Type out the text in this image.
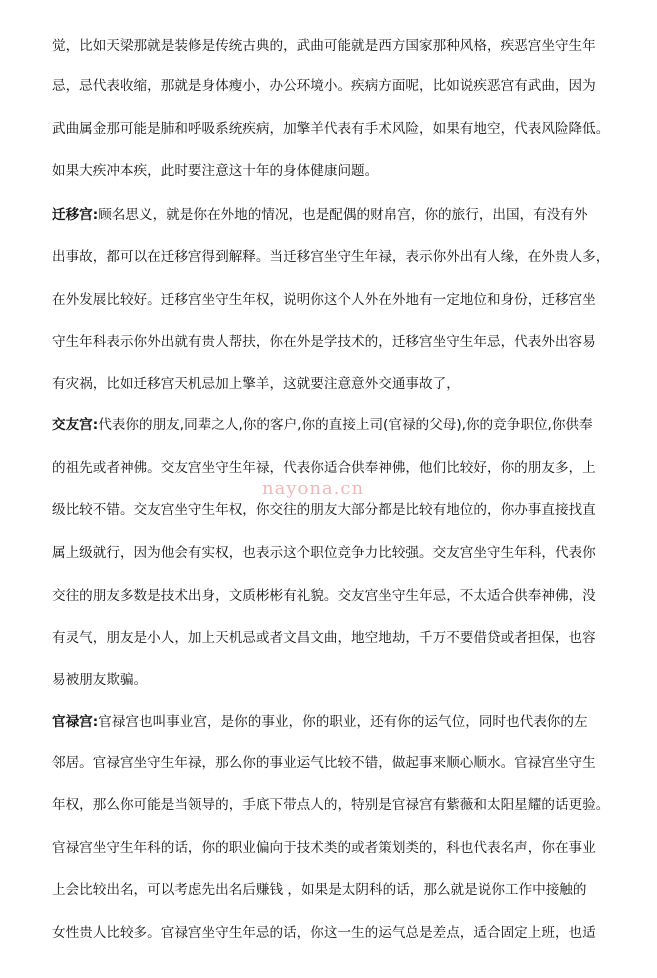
觉，比如天梁那就是装修是传统古典的，武曲可能就是西方国家那种风格，疾恶宫坐守生年
忌，忌代表收缩，那就是身体瘦小，办公环境小。疾病方面呢，比如说疾恶宫有武曲，因为
武曲属金那可能是肺和呼吸系统疾病，加擎羊代表有手术风险，如果有地空，代表风险降低。
如果大疾冲本疾，此时要注意这十年的身体健康问题。
迁移宫:顾名思义，就是你在外地的情况，也是配偶的财帛宫，你的旅行，出国，有没有外
出事故，都可以在迁移宫得到解释。当迁移宫坐守生年禄，表示你外出有人缘，在外贵人多，
在外发展比较好。迁移宫坐守生年权，说明你这个人外在外地有一定地位和身份，迁移宫坐
守生年科表示你外出就有贵人帮扶，你在外是学技术的，迁移宫坐守生年忌，代表外出容易
有灾祸，比如迁移宫天机忌加上擎羊，这就要注意意外交通事故了，
交友宫:代表你的朋友,同辈之人,你的客户,你的直接上司(官禄的父母),你的竞争职位,你供奉
的祖先或者神佛。交友宫坐守生年禄，代表你适合供奉神佛，他们比较好，你的朋友多，上
级比较不错。交友宫坐守生年权，你交往的朋友大部分都是比较有地位的，你办事直接找直
属上级就行，因为他会有实权，也表示这个职位竞争力比较强。交友宫坐守生年科，代表你
交往的朋友多数是技术出身，文质彬彬有礼貌。交友宫坐守生年忌，不太适合供奉神佛，没
有灵气，朋友是小人，加上天机忌或者文昌文曲，地空地劫，千万不要借贷或者担保，也容
易被朋友欺骗。
官禄宫:官禄宫也叫事业宫，是你的事业，你的职业，还有你的运气位，同时也代表你的左
邻居。官禄宫坐守生年禄，那么你的事业运气比较不错，做起事来顺心顺水。官禄宫坐守生
年权，那么你可能是当领导的，手底下带点人的，特别是官禄宫有紫薇和太阳星耀的话更验。
官禄宫坐守生年科的话，你的职业偏向于技术类的或者策划类的，科也代表名声，你在事业
上会比较出名，可以考虑先出名后赚钱 ，如果是太阴科的话，那么就是说你工作中接触的
女性贵人比较多。官禄宫坐守生年忌的话，你这一生的运气总是差点，适合固定上班，也适
nayona.cn
